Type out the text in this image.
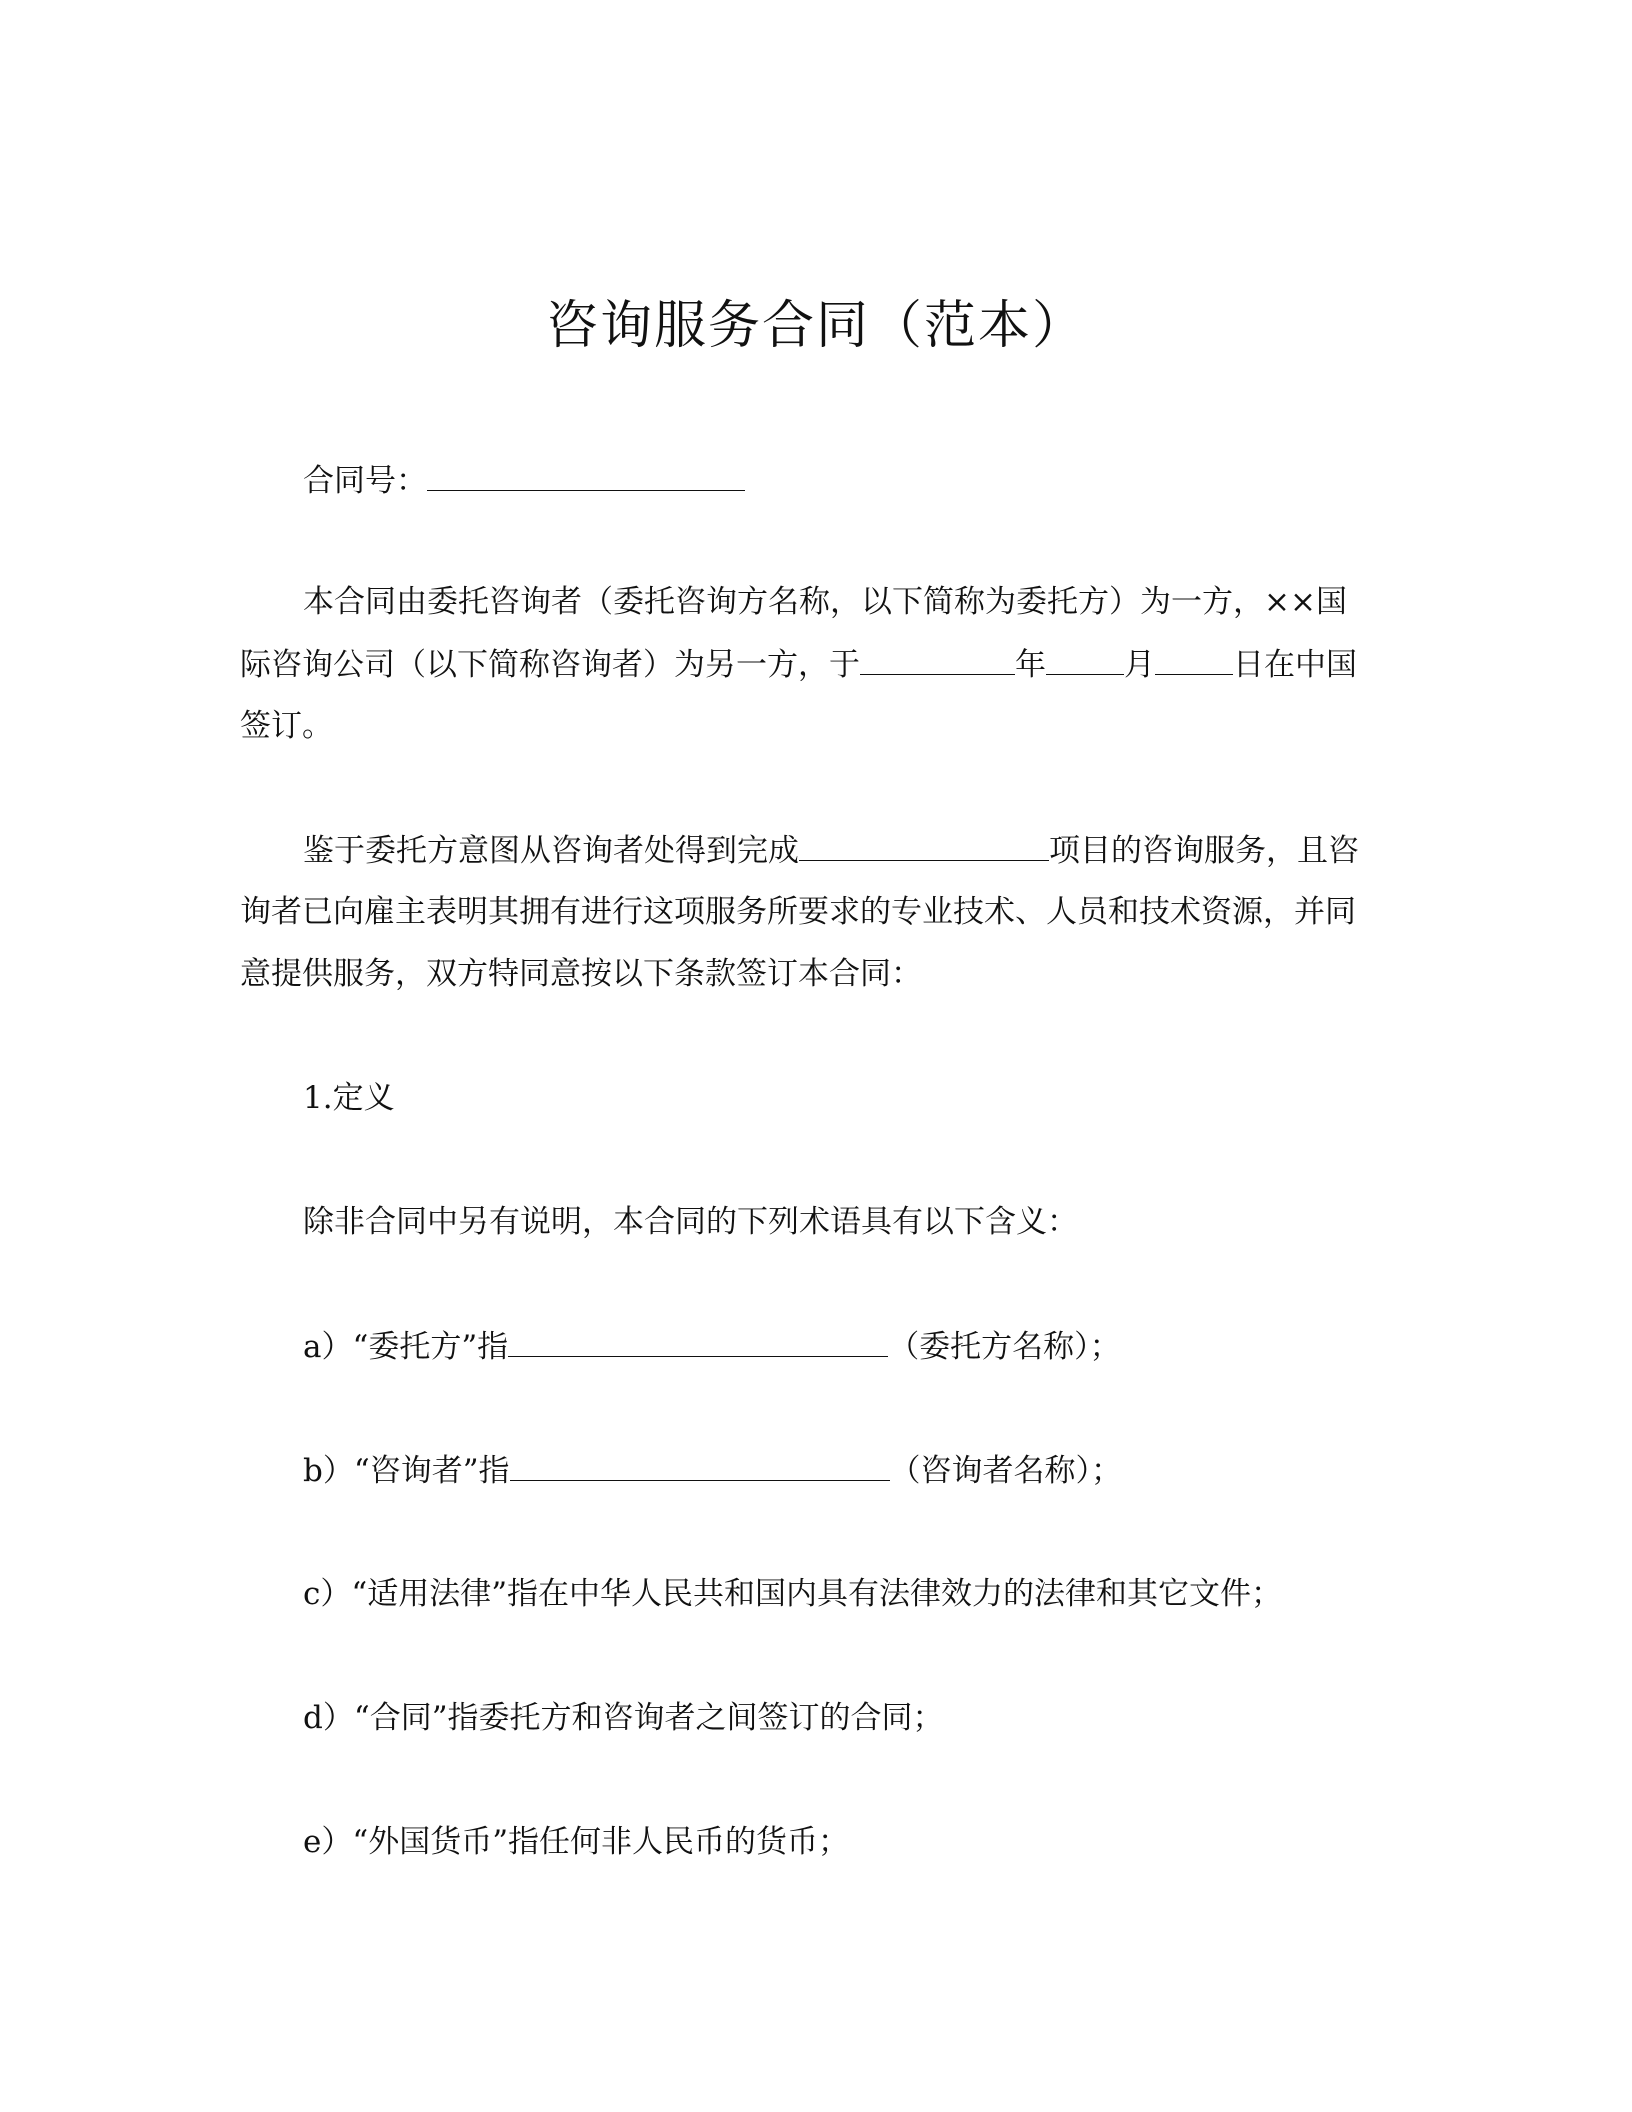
咨询服务合同（范本）
合同号：
本合同由委托咨询者（委托咨询方名称，以下简称为委托方）为一方，××国
际咨询公司（以下简称咨询者）为另一方，于	年	月	日在中国
签订。
鉴于委托方意图从咨询者处得到完成	项目的咨询服务，且咨
询者已向雇主表明其拥有进行这项服务所要求的专业技术、人员和技术资源，并同
意提供服务，双方特同意按以下条款签订本合同：
1.定义
除非合同中另有说明，本合同的下列术语具有以下含义：
a）“委托方”指	（委托方名称）；
b）“咨询者”指	（咨询者名称）；
c）“适用法律”指在中华人民共和国内具有法律效力的法律和其它文件；
d）“合同”指委托方和咨询者之间签订的合同；
e）“外国货币”指任何非人民币的货币；
